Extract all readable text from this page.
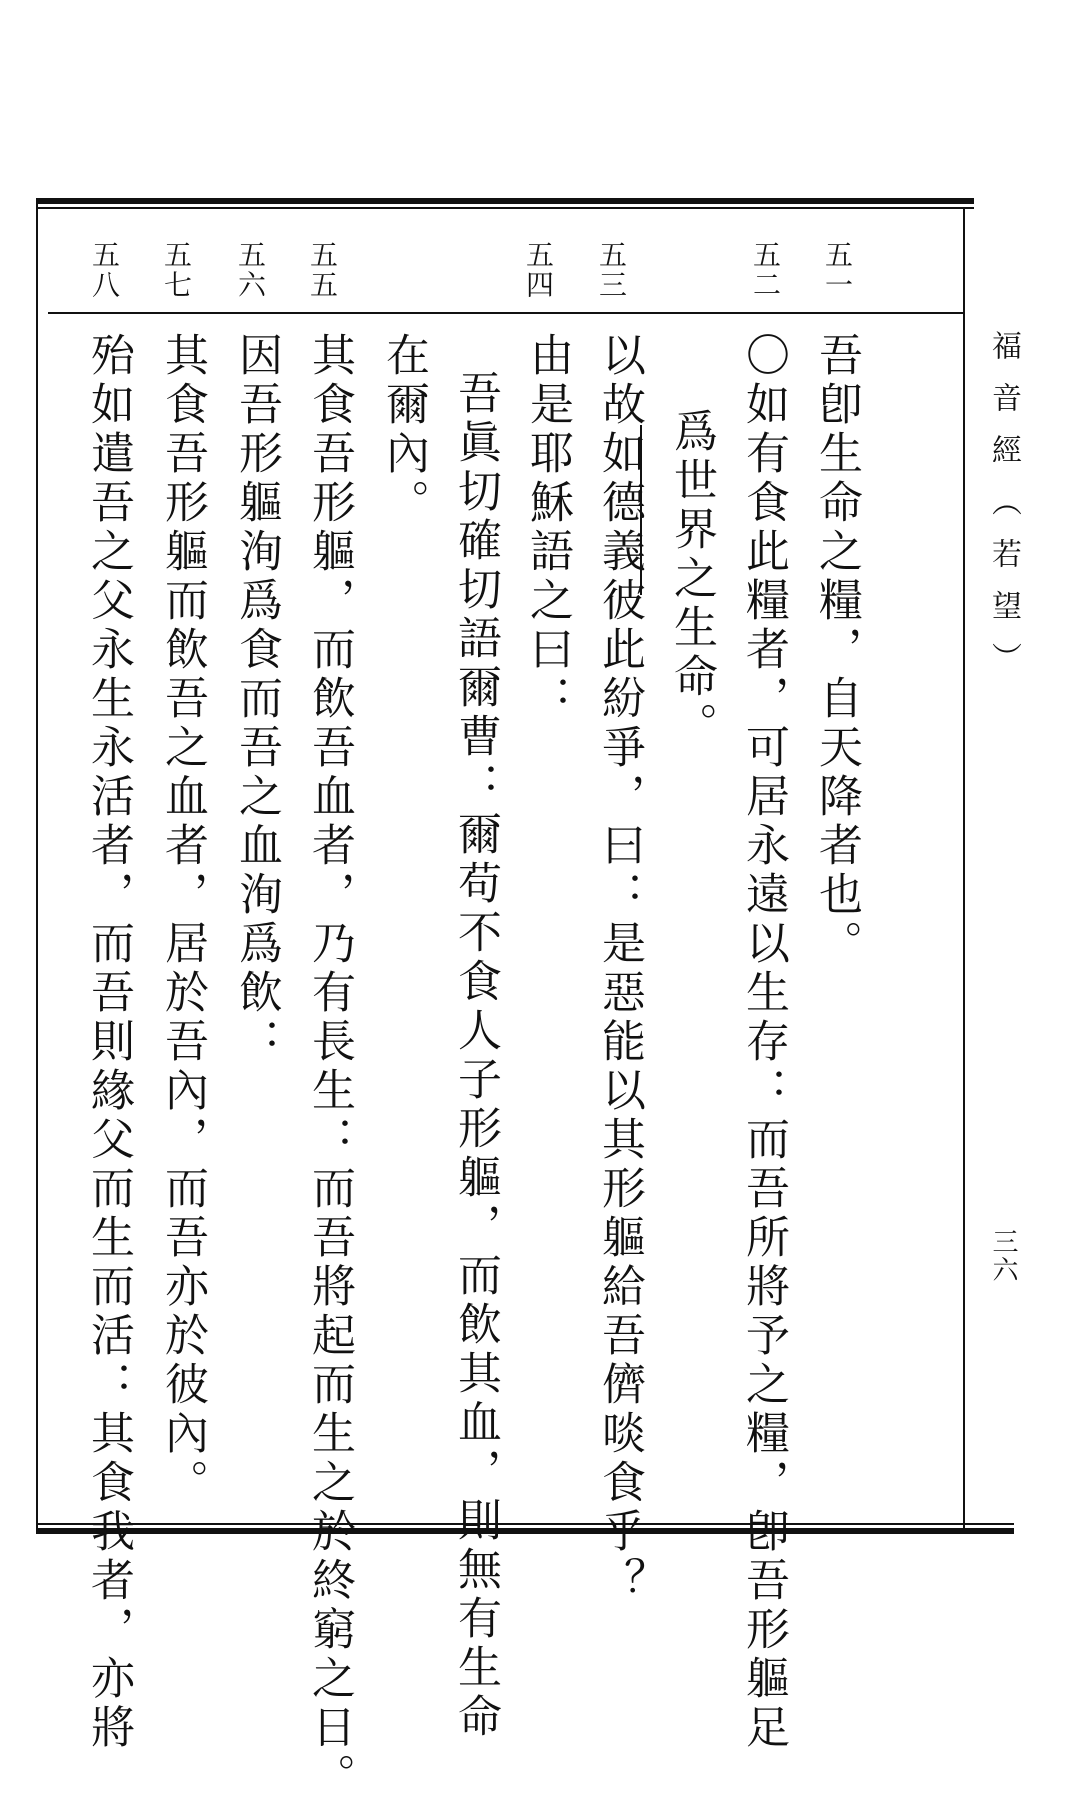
福音經（若望）
三六
五一
五二
五三
五四
五五
五六
五七
五八
吾卽生命之糧，自天降者也。
〇如有食此糧者，可居永遠以生存：而吾所將予之糧，卽吾形軀足
爲世界之生命。
以故如德義彼此紛爭，曰：是惡能以其形軀給吾儕啖食乎？
由是耶穌語之曰：
吾眞切確切語爾曹：爾苟不食人子形軀，而飲其血，則無有生命
在爾內。
其食吾形軀，而飲吾血者，乃有長生：而吾將起而生之於終窮之日。
因吾形軀洵爲食而吾之血洵爲飲：
其食吾形軀而飲吾之血者，居於吾內，而吾亦於彼內。
殆如遣吾之父永生永活者，而吾則緣父而生而活：其食我者，亦將
